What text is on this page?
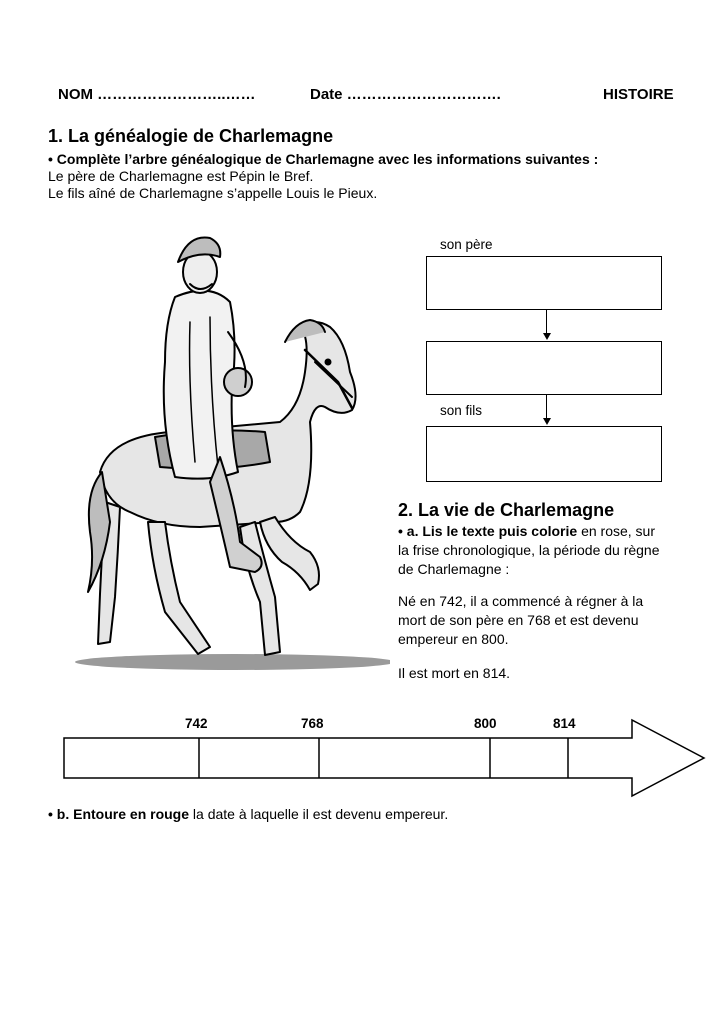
NOM ……………………..……	Date ………………………….	HISTOIRE
1. La généalogie de Charlemagne
• Complète l’arbre généalogique de Charlemagne avec les informations suivantes :
Le père de Charlemagne est Pépin le Bref.
Le fils aîné de Charlemagne s’appelle Louis le Pieux.
son père
son fils
2. La vie de Charlemagne
• a. Lis le texte puis colorie en rose, sur
la frise chronologique, la période du règne
de Charlemagne :
Né en 742, il a commencé à régner à la
mort de son père en 768 et est devenu
empereur en 800.
Il est mort en 814.
742	768	800	814
• b. Entoure en rouge la date à laquelle il est devenu empereur.
